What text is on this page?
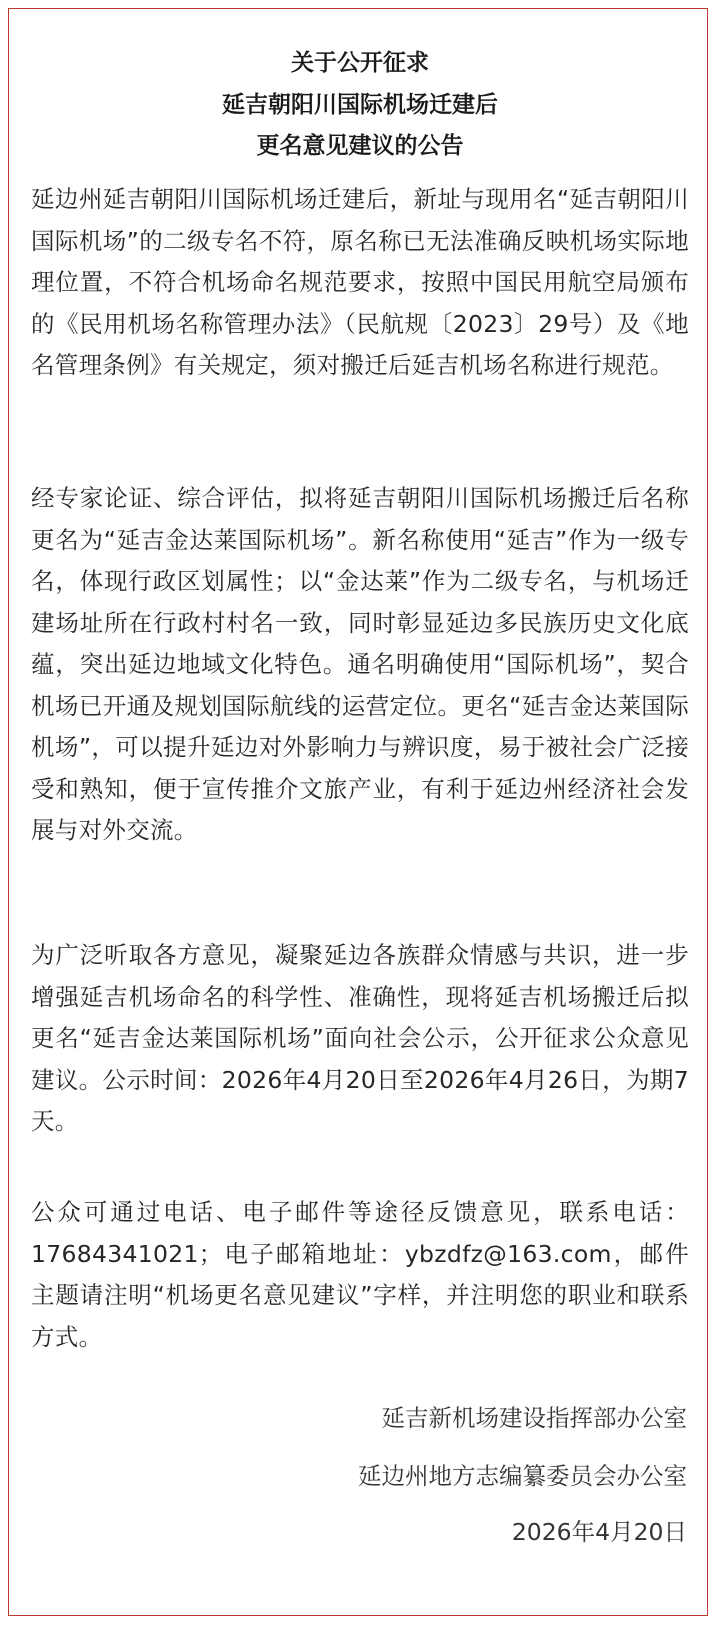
关于公开征求
延吉朝阳川国际机场迁建后
更名意见建议的公告

延边州延吉朝阳川国际机场迁建后，新址与现用名“延吉朝阳川国际机场”的二级专名不符，原名称已无法准确反映机场实际地理位置，不符合机场命名规范要求，按照中国民用航空局颁布的《民用机场名称管理办法》（民航规〔2023〕29号）及《地名管理条例》有关规定，须对搬迁后延吉机场名称进行规范。

经专家论证、综合评估，拟将延吉朝阳川国际机场搬迁后名称更名为“延吉金达莱国际机场”。新名称使用“延吉”作为一级专名，体现行政区划属性；以“金达莱”作为二级专名，与机场迁建场址所在行政村村名一致，同时彰显延边多民族历史文化底蕴，突出延边地域文化特色。通名明确使用“国际机场”，契合机场已开通及规划国际航线的运营定位。更名“延吉金达莱国际机场”，可以提升延边对外影响力与辨识度，易于被社会广泛接受和熟知，便于宣传推介文旅产业，有利于延边州经济社会发展与对外交流。

为广泛听取各方意见，凝聚延边各族群众情感与共识，进一步增强延吉机场命名的科学性、准确性，现将延吉机场搬迁后拟更名“延吉金达莱国际机场”面向社会公示，公开征求公众意见建议。公示时间：2026年4月20日至2026年4月26日，为期7天。

公众可通过电话、电子邮件等途径反馈意见，联系电话：17684341021；电子邮箱地址：ybzdfz@163.com，邮件主题请注明“机场更名意见建议”字样，并注明您的职业和联系方式。

延吉新机场建设指挥部办公室
延边州地方志编纂委员会办公室
2026年4月20日
